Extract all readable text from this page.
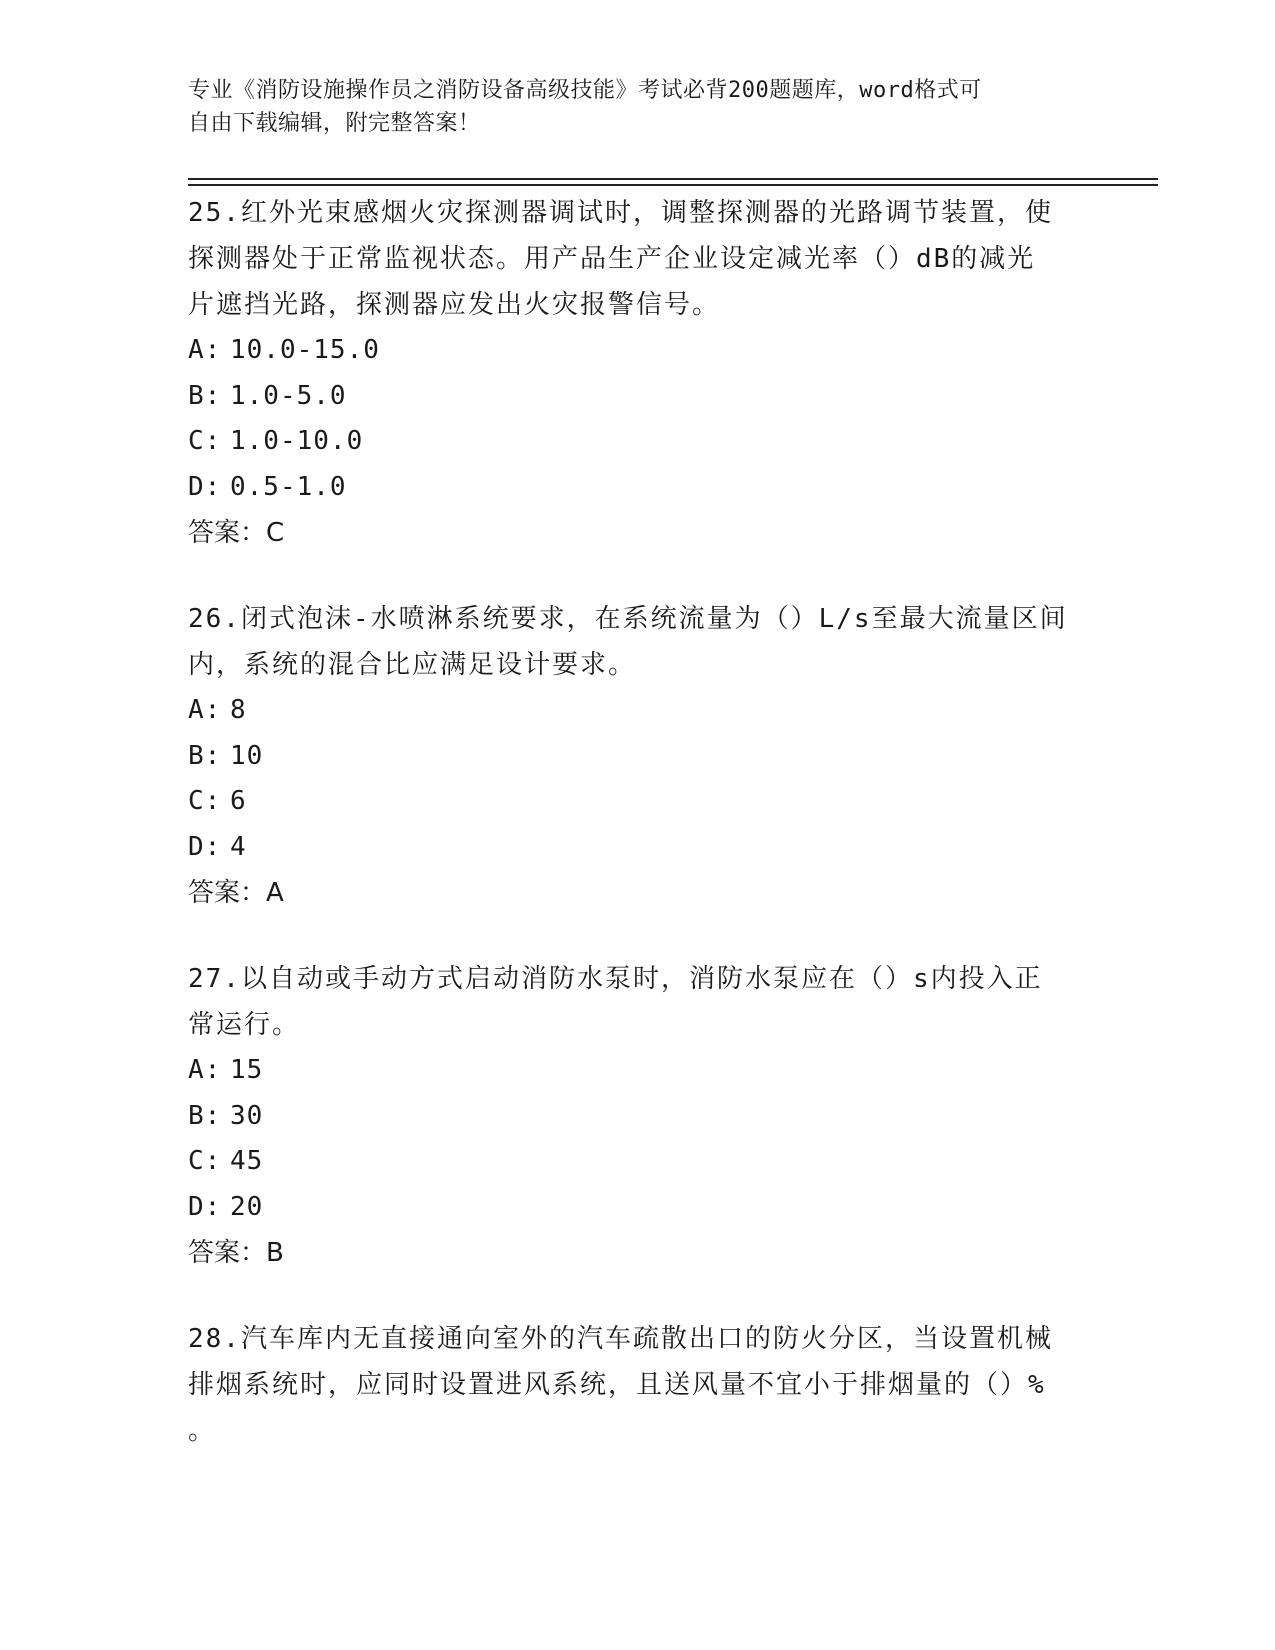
专业《消防设施操作员之消防设备高级技能》考试必背200题题库，word格式可
自由下载编辑，附完整答案！
25.红外光束感烟火灾探测器调试时，调整探测器的光路调节装置，使
探测器处于正常监视状态。用产品生产企业设定减光率（）dB的减光
片遮挡光路，探测器应发出火灾报警信号。
A: 10.0-15.0
B: 1.0-5.0
C: 1.0-10.0
D: 0.5-1.0
答案：C
26.闭式泡沫-水喷淋系统要求，在系统流量为（）L/s至最大流量区间
内，系统的混合比应满足设计要求。
A: 8
B: 10
C: 6
D: 4
答案：A
27.以自动或手动方式启动消防水泵时，消防水泵应在（）s内投入正
常运行。
A: 15
B: 30
C: 45
D: 20
答案：B
28.汽车库内无直接通向室外的汽车疏散出口的防火分区，当设置机械
排烟系统时，应同时设置进风系统，且送风量不宜小于排烟量的（）%
。
